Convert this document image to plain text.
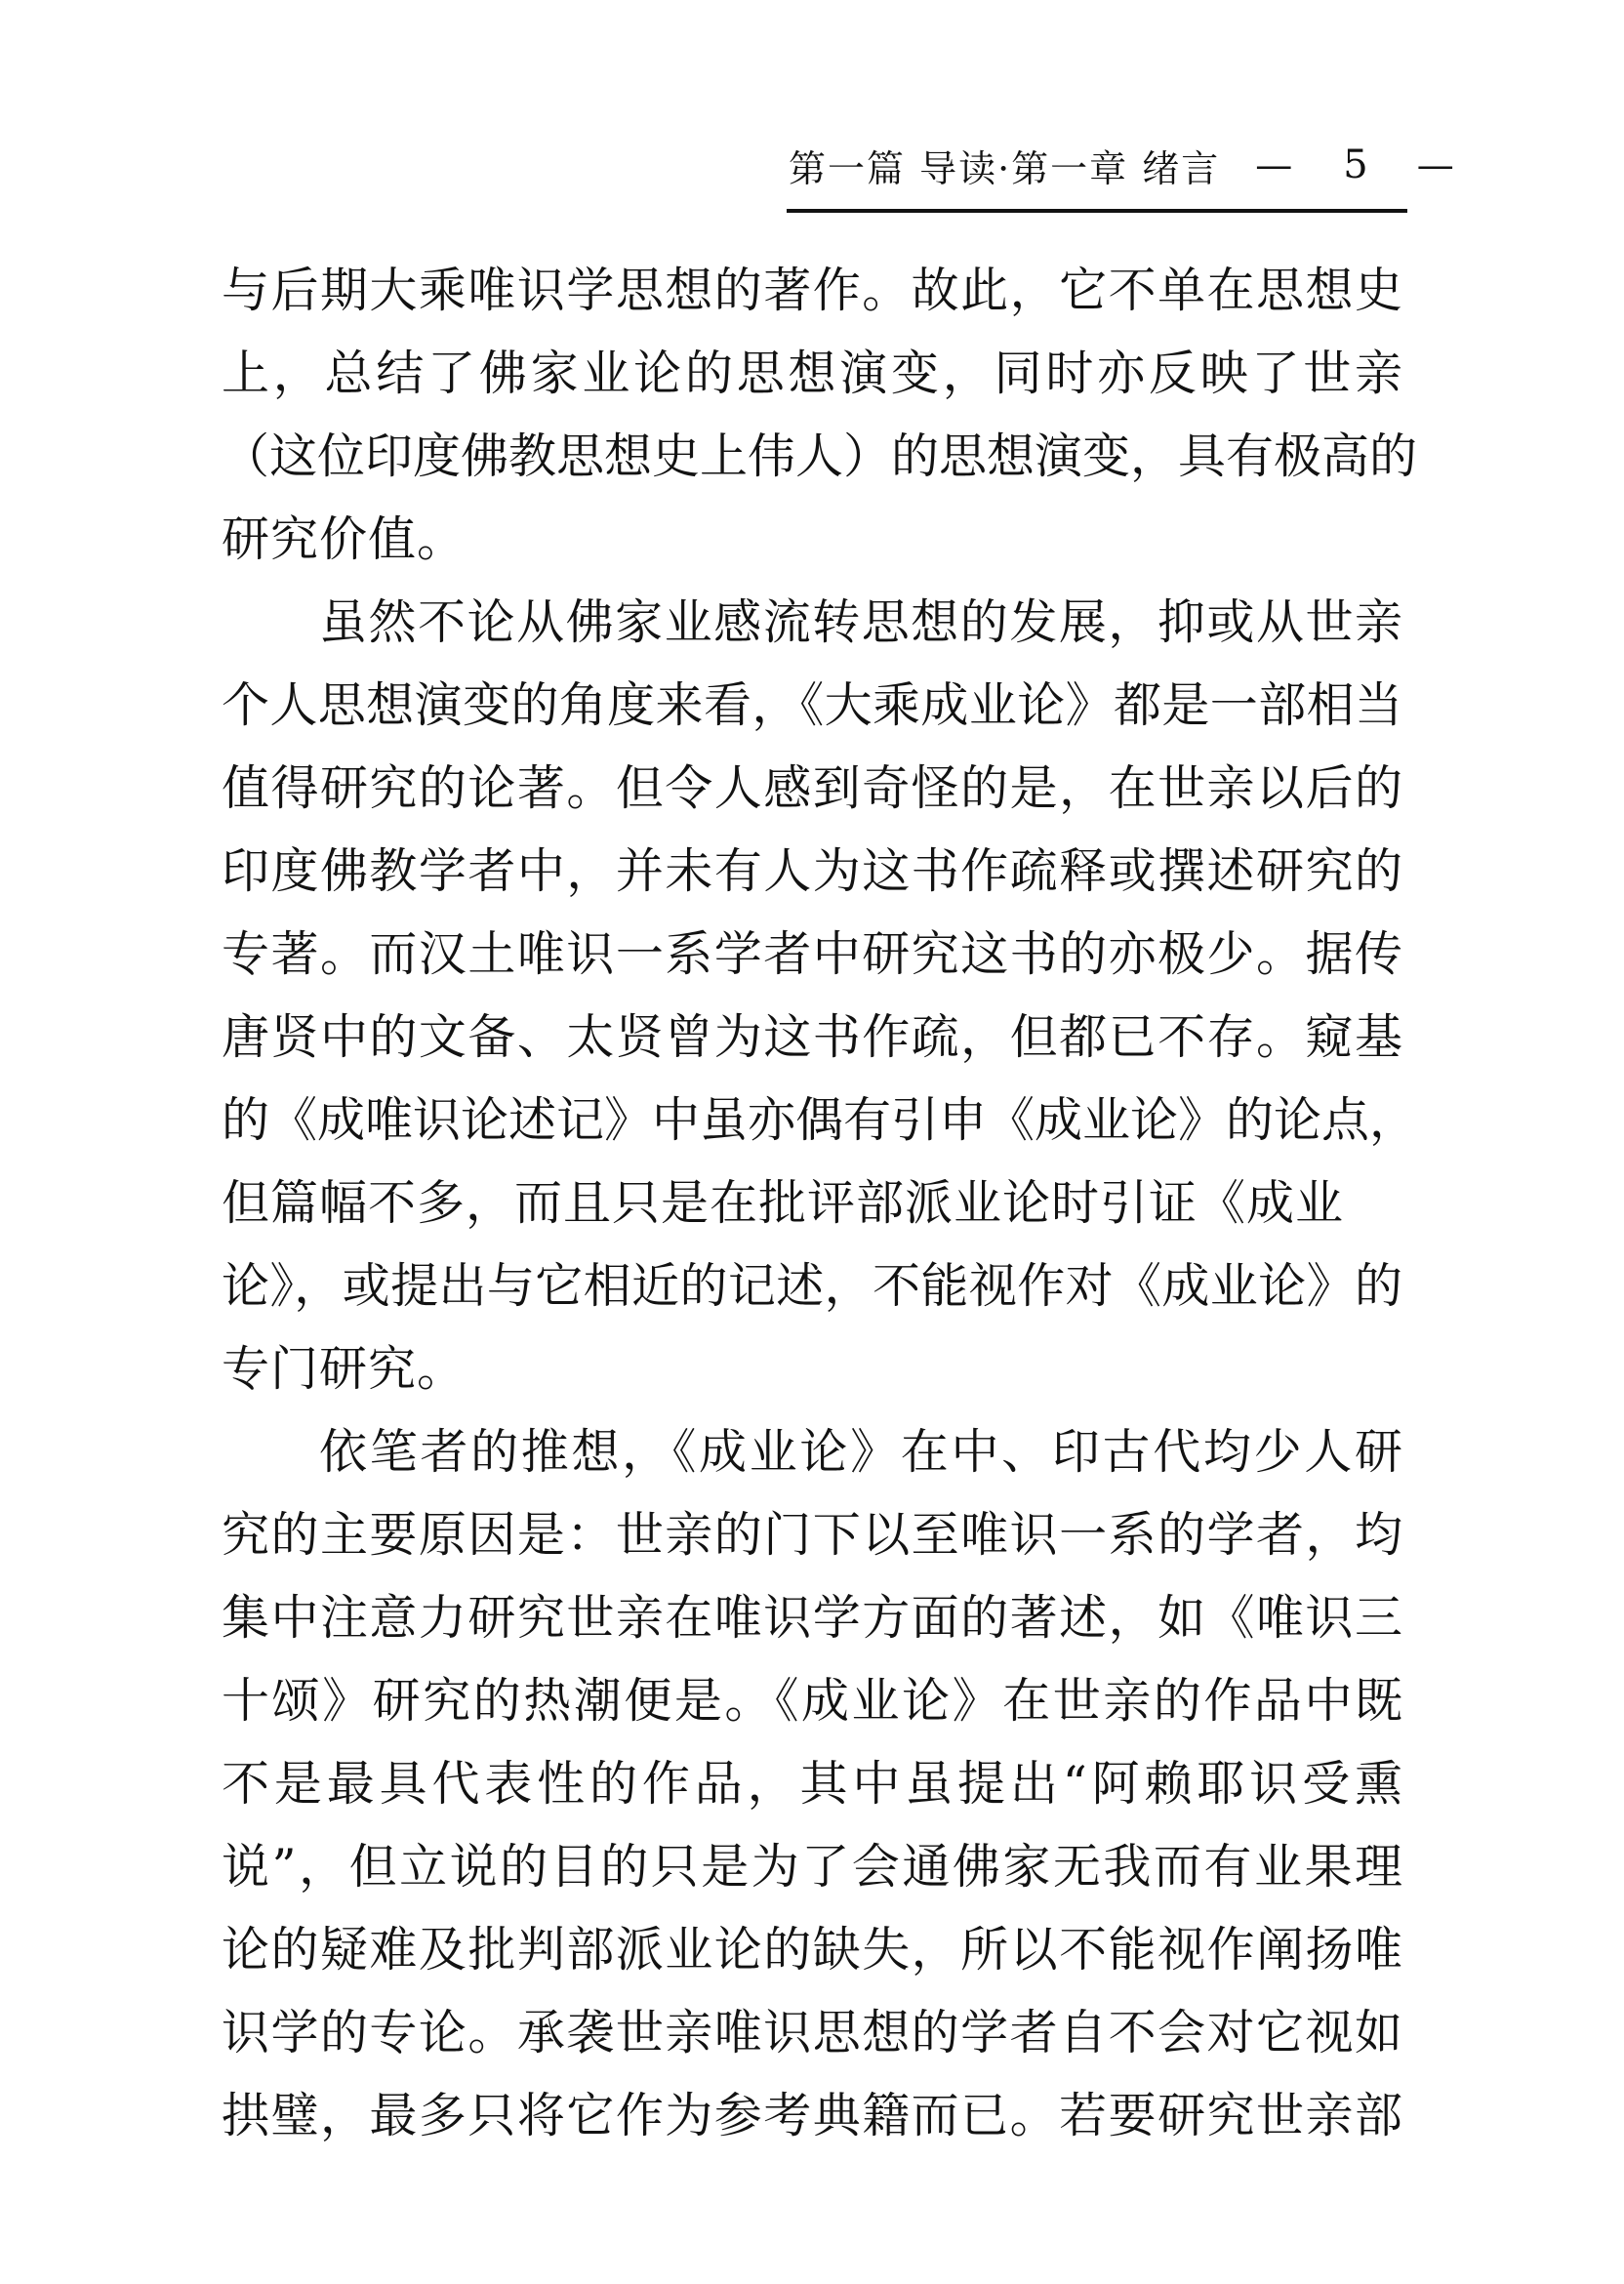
第一篇 导读·第一章 绪言 — 5 —
与后期大乘唯识学思想的著作。故此，它不单在思想史
上，总结了佛家业论的思想演变，同时亦反映了世亲
（这位印度佛教思想史上伟人）的思想演变，具有极高的
研究价值。
虽然不论从佛家业感流转思想的发展，抑或从世亲
个人思想演变的角度来看，《大乘成业论》都是一部相当
值得研究的论著。但令人感到奇怪的是，在世亲以后的
印度佛教学者中，并未有人为这书作疏释或撰述研究的
专著。而汉土唯识一系学者中研究这书的亦极少。据传
唐贤中的文备、太贤曾为这书作疏，但都已不存。窥基
的《成唯识论述记》中虽亦偶有引申《成业论》的论点，
但篇幅不多，而且只是在批评部派业论时引证《成业
论》，或提出与它相近的记述，不能视作对《成业论》的
专门研究。
依笔者的推想，《成业论》在中、印古代均少人研
究的主要原因是：世亲的门下以至唯识一系的学者，均
集中注意力研究世亲在唯识学方面的著述，如《唯识三
十颂》研究的热潮便是。《成业论》在世亲的作品中既
不是最具代表性的作品，其中虽提出“阿赖耶识受熏
说”，但立说的目的只是为了会通佛家无我而有业果理
论的疑难及批判部派业论的缺失，所以不能视作阐扬唯
识学的专论。承袭世亲唯识思想的学者自不会对它视如
拱璧，最多只将它作为参考典籍而已。若要研究世亲部
